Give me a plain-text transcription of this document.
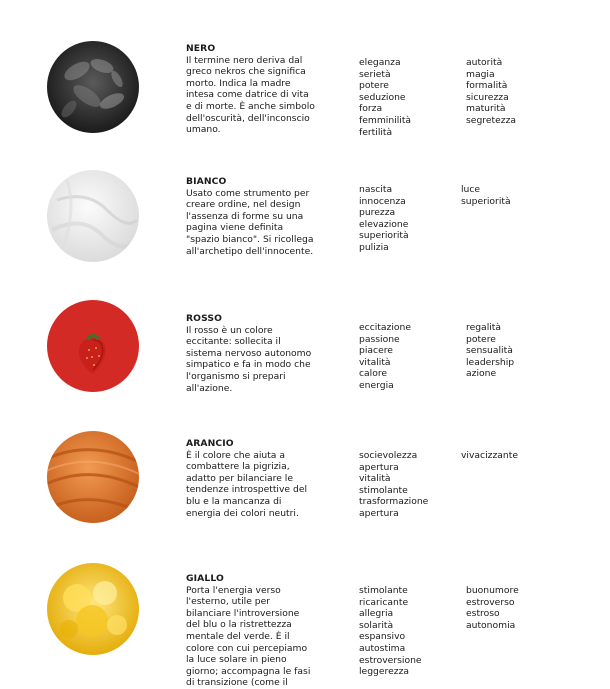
NERO
Il termine nero deriva dal greco nekros che significa morto. Indica la madre intesa come datrice di vita e di morte. È anche simbolo dell'oscurità, dell'inconscio umano.
eleganza
serietà
potere
seduzione
forza
femminilità
fertilità
autorità
magia
formalità
sicurezza
maturità
segretezza
BIANCO
Usato come strumento per creare ordine, nel design l'assenza di forme su una pagina viene definita "spazio bianco". Si ricollega all'archetipo dell'innocente.
nascita
innocenza
purezza
elevazione
superiorità
pulizia
luce
superiorità
ROSSO
Il rosso è un colore eccitante: sollecita il sistema nervoso autonomo simpatico e fa in modo che l'organismo si prepari all'azione.
eccitazione
passione
piacere
vitalità
calore
energia
regalità
potere
sensualità
leadership
azione
ARANCIO
È il colore che aiuta a combattere la pigrizia, adatto per bilanciare le tendenze introspettive del blu e la mancanza di energia dei colori neutri.
socievolezza
apertura
vitalità
stimolante
trasformazione
apertura
vivacizzante
GIALLO
Porta l'energia verso l'esterno, utile per bilanciare l'introversione del blu o la ristrettezza mentale del verde. È il colore con cui percepiamo la luce solare in pieno giorno; accompagna le fasi di transizione (come il
stimolante
ricaricante
allegria
solarità
espansivo
autostima
estroversione
leggerezza
buonumore
estroverso
estroso
autonomia
